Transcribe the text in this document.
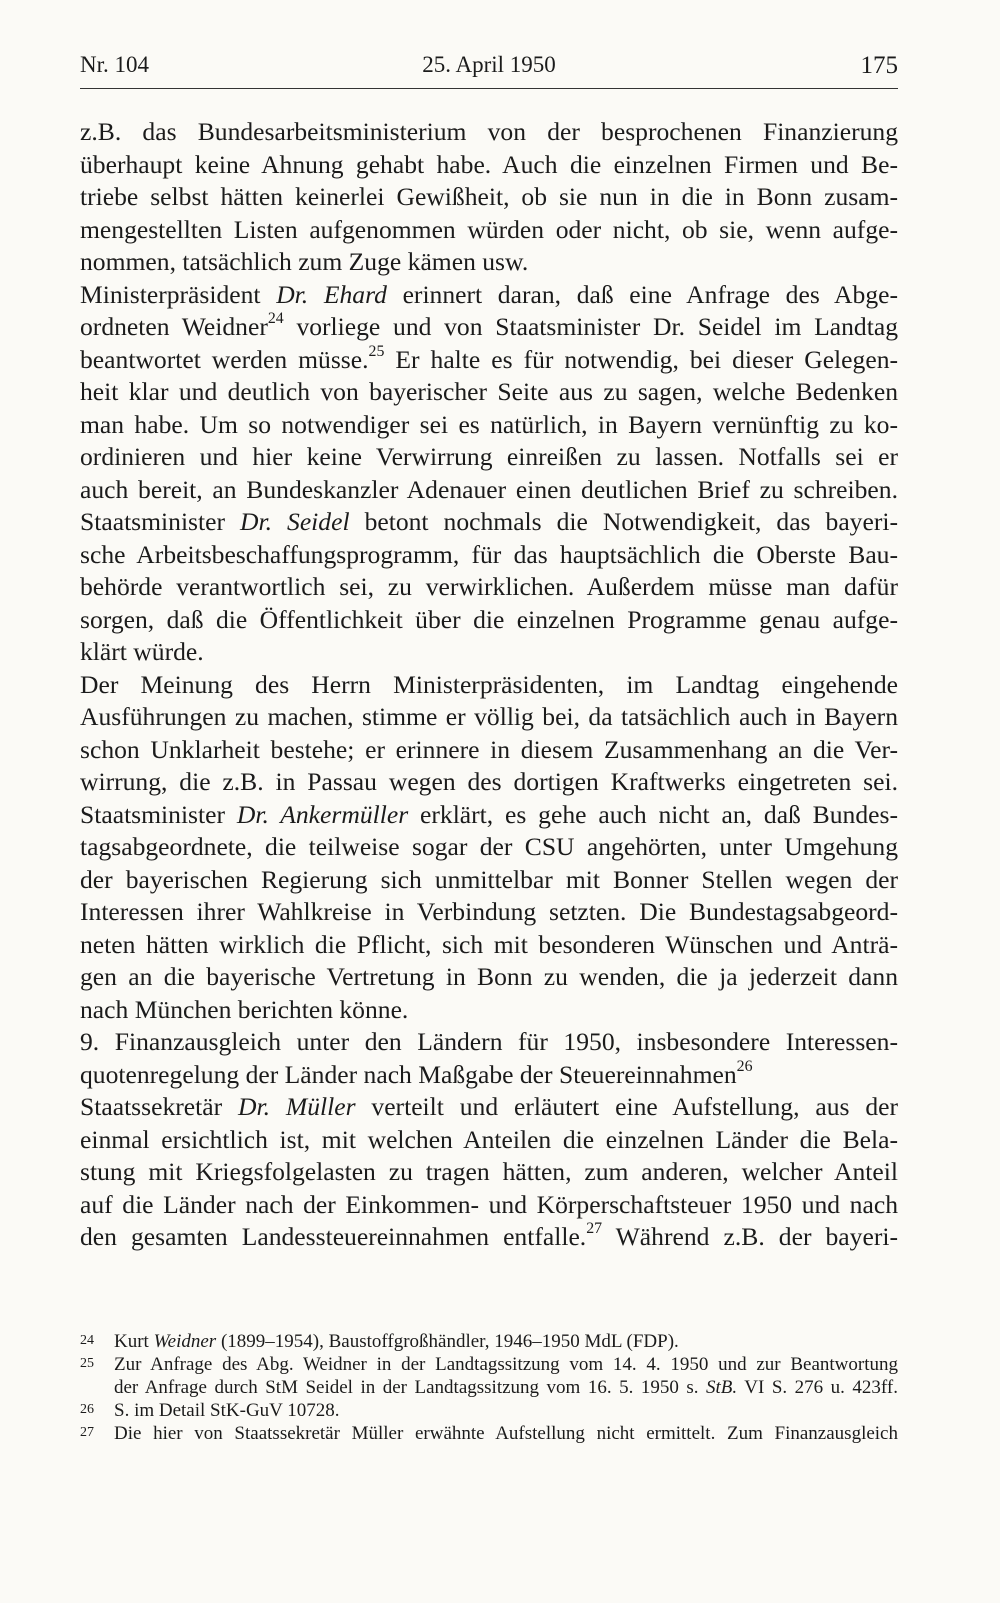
Nr. 104	25. April 1950	175

z.B. das Bundesarbeitsministerium von der besprochenen Finanzierung
überhaupt keine Ahnung gehabt habe. Auch die einzelnen Firmen und Be-
triebe selbst hätten keinerlei Gewißheit, ob sie nun in die in Bonn zusam-
mengestellten Listen aufgenommen würden oder nicht, ob sie, wenn aufge-
nommen, tatsächlich zum Zuge kämen usw.

Ministerpräsident Dr. Ehard erinnert daran, daß eine Anfrage des Abge-
ordneten Weidner$^{24}$ vorliege und von Staatsminister Dr. Seidel im Landtag
beantwortet werden müsse.$^{25}$ Er halte es für notwendig, bei dieser Gelegen-
heit klar und deutlich von bayerischer Seite aus zu sagen, welche Bedenken
man habe. Um so notwendiger sei es natürlich, in Bayern vernünftig zu ko-
ordinieren und hier keine Verwirrung einreißen zu lassen. Notfalls sei er
auch bereit, an Bundeskanzler Adenauer einen deutlichen Brief zu schreiben.

Staatsminister Dr. Seidel betont nochmals die Notwendigkeit, das bayeri-
sche Arbeitsbeschaffungsprogramm, für das hauptsächlich die Oberste Bau-
behörde verantwortlich sei, zu verwirklichen. Außerdem müsse man dafür
sorgen, daß die Öffentlichkeit über die einzelnen Programme genau aufge-
klärt würde.

Der Meinung des Herrn Ministerpräsidenten, im Landtag eingehende
Ausführungen zu machen, stimme er völlig bei, da tatsächlich auch in Bayern
schon Unklarheit bestehe; er erinnere in diesem Zusammenhang an die Ver-
wirrung, die z.B. in Passau wegen des dortigen Kraftwerks eingetreten sei.

Staatsminister Dr. Ankermüller erklärt, es gehe auch nicht an, daß Bundes-
tagsabgeordnete, die teilweise sogar der CSU angehörten, unter Umgehung
der bayerischen Regierung sich unmittelbar mit Bonner Stellen wegen der
Interessen ihrer Wahlkreise in Verbindung setzten. Die Bundestagsabgeord-
neten hätten wirklich die Pflicht, sich mit besonderen Wünschen und Anträ-
gen an die bayerische Vertretung in Bonn zu wenden, die ja jederzeit dann
nach München berichten könne.

9. Finanzausgleich unter den Ländern für 1950, insbesondere Interessen-
quotenregelung der Länder nach Maßgabe der Steuereinnahmen$^{26}$

Staatssekretär Dr. Müller verteilt und erläutert eine Aufstellung, aus der
einmal ersichtlich ist, mit welchen Anteilen die einzelnen Länder die Bela-
stung mit Kriegsfolgelasten zu tragen hätten, zum anderen, welcher Anteil
auf die Länder nach der Einkommen- und Körperschaftsteuer 1950 und nach
den gesamten Landessteuereinnahmen entfalle.$^{27}$ Während z.B. der bayeri-

24 Kurt Weidner (1899–1954), Baustoffgroßhändler, 1946–1950 MdL (FDP).
25 Zur Anfrage des Abg. Weidner in der Landtagssitzung vom 14. 4. 1950 und zur Beantwortung
der Anfrage durch StM Seidel in der Landtagssitzung vom 16. 5. 1950 s. StB. VI S. 276 u. 423ff.
26 S. im Detail StK-GuV 10728.
27 Die hier von Staatssekretär Müller erwähnte Aufstellung nicht ermittelt. Zum Finanzausgleich
